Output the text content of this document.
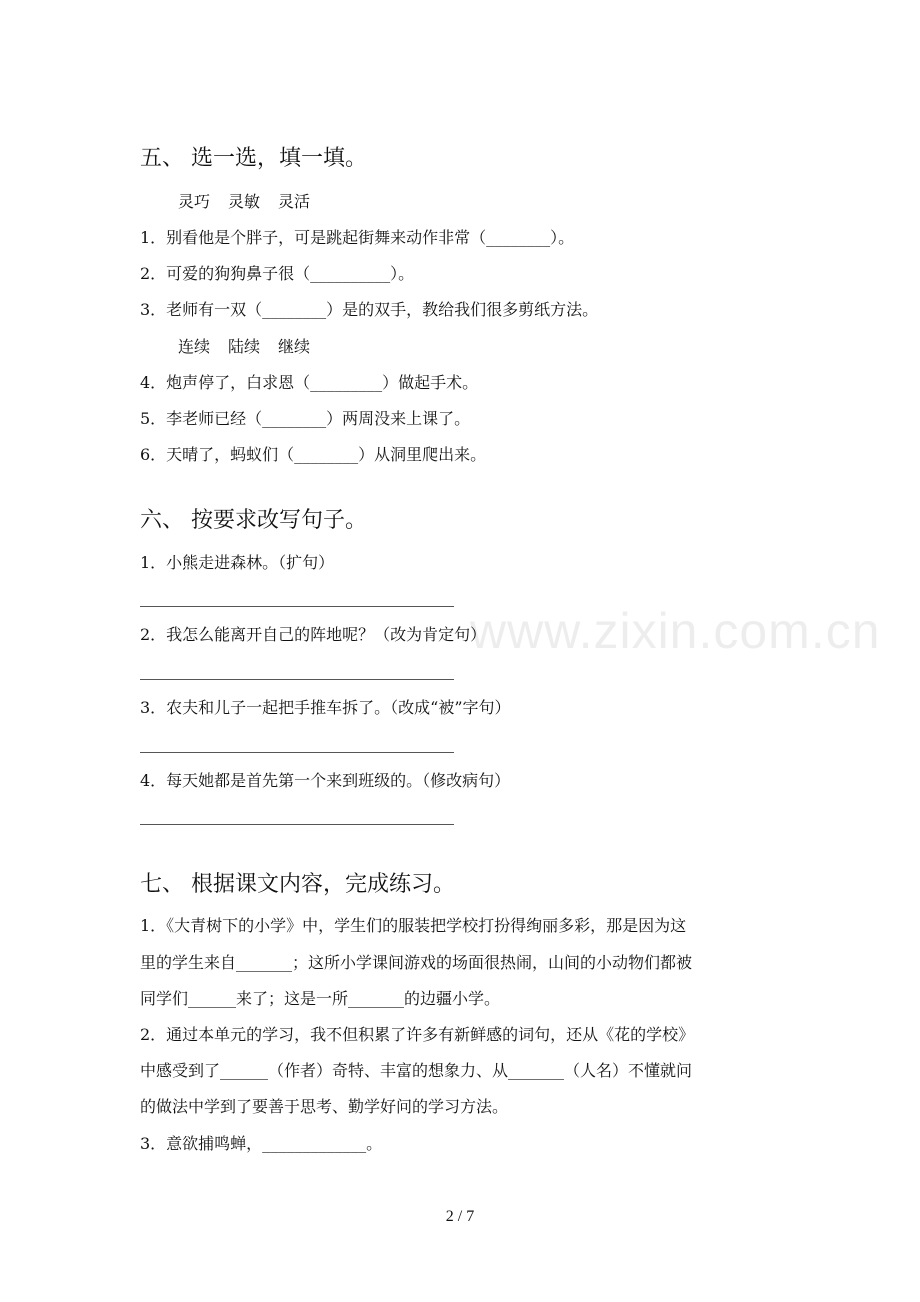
www.zixin.com.cn
五、 选一选，填一填。
灵巧 灵敏 灵活
1．别看他是个胖子，可是跳起街舞来动作非常（________）。
2．可爱的狗狗鼻子很（__________）。
3．老师有一双（________）是的双手，教给我们很多剪纸方法。
连续 陆续 继续
4．炮声停了，白求恩（_________）做起手术。
5．李老师已经（________）两周没来上课了。
6．天晴了，蚂蚁们（________）从洞里爬出来。
六、 按要求改写句子。
1．小熊走进森林。（扩句）
2．我怎么能离开自己的阵地呢？（改为肯定句）
3．农夫和儿子一起把手推车拆了。（改成“被”字句）
4．每天她都是首先第一个来到班级的。（修改病句）
七、 根据课文内容，完成练习。
1．《大青树下的小学》中，学生们的服装把学校打扮得绚丽多彩，那是因为这
里的学生来自_______；这所小学课间游戏的场面很热闹，山间的小动物们都被
同学们______来了；这是一所_______的边疆小学。
2．通过本单元的学习，我不但积累了许多有新鲜感的词句，还从《花的学校》
中感受到了______（作者）奇特、丰富的想象力、从_______（人名）不懂就问
的做法中学到了要善于思考、勤学好问的学习方法。
3．意欲捕鸣蝉，_____________。
2 / 7
